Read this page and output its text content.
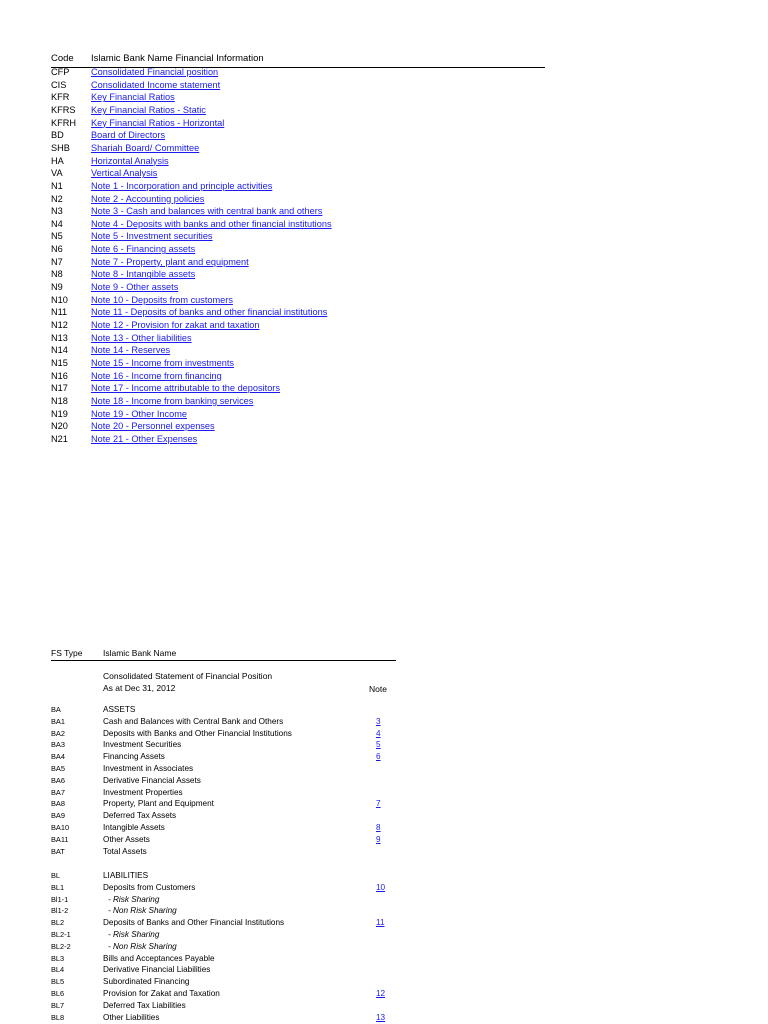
Code Islamic Bank Name Financial Information
CFP Consolidated Financial position
CIS	Consolidated Income statement
KFR Key Financial Ratios
KFRS Key Financial Ratios - Static
KFRH Key Financial Ratios - Horizontal
BD	Board of Directors
SHB Shariah Board/ Committee
HA	Horizontal Analysis
VA	Vertical Analysis
N1	Note 1 - Incorporation and principle activities
N2	Note 2 - Accounting policies
N3	Note 3 - Cash and balances with central bank and others
N4	Note 4 - Deposits with banks and other financial institutions
N5	Note 5 - Investment securities
N6	Note 6 - Financing assets
N7	Note 7 - Property, plant and equipment
N8	Note 8 - Intangible assets
N9	Note 9 - Other assets
N10	Note 10 - Deposits from customers
N11	Note 11 - Deposits of banks and other financial institutions
N12	Note 12 - Provision for zakat and taxation
N13	Note 13 - Other liabilities
N14	Note 14 - Reserves
N15	Note 15 - Income from investments
N16	Note 16 - Income from financing
N17	Note 17 - Income attributable to the depositors
N18	Note 18 - Income from banking services
N19	Note 19 - Other Income
N20	Note 20 - Personnel expenses
N21	Note 21 - Other Expenses
FS Type Islamic Bank Name
Consolidated Statement of Financial Position
As at Dec 31, 2012	Note
BA	ASSETS
BA1	Cash and Balances with Central Bank and Others	3
BA2	Deposits with Banks and Other Financial Institutions	4
BA3	Investment Securities	5
BA4	Financing Assets	6
BA5	Investment in Associates
BA6	Derivative Financial Assets
BA7	Investment Properties
BA8	Property, Plant and Equipment	7
BA9	Deferred Tax Assets
BA10	Intangible Assets	8
BA11	Other Assets	9
BAT	Total Assets
BL	LIABILITIES
BL1	Deposits from Customers	10
Bl1-1	- Risk Sharing
Bl1-2	- Non Risk Sharing
BL2	Deposits of Banks and Other Financial Institutions	11
BL2-1	- Risk Sharing
BL2-2	- Non Risk Sharing
BL3	Bills and Acceptances Payable
BL4	Derivative Financial Liabilities
BL5	Subordinated Financing
BL6	Provision for Zakat and Taxation	12
BL7	Deferred Tax Liabilities
BL8	Other Liabilities	13
